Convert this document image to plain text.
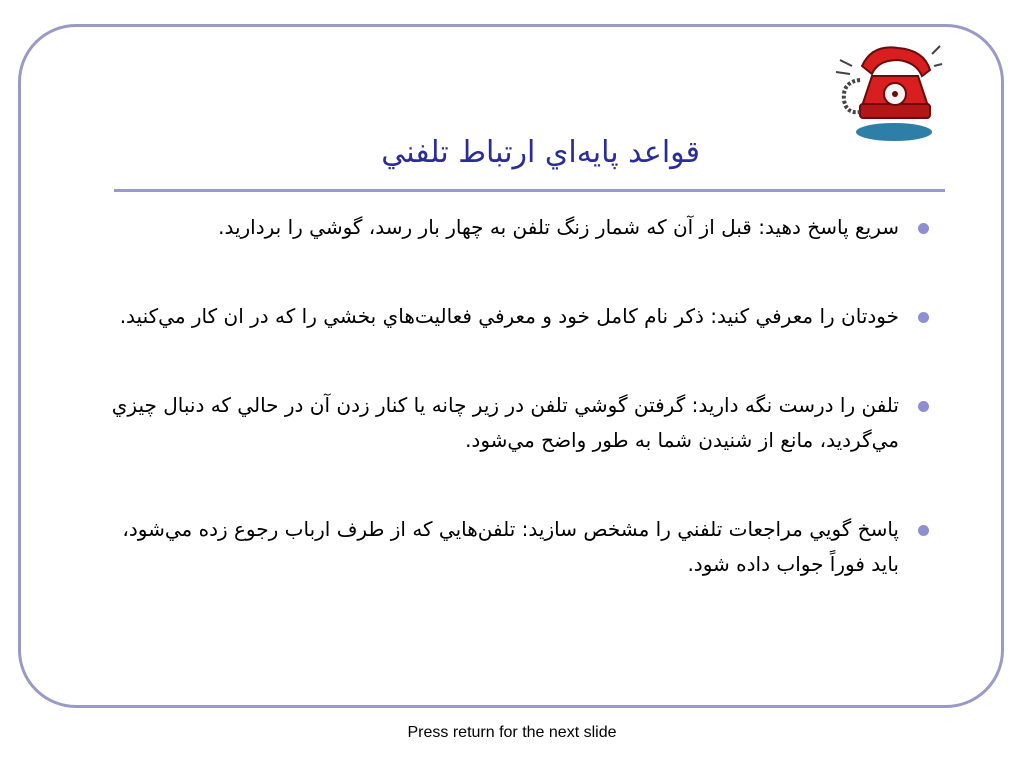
قواعد پايه‌اي ارتباط تلفني
سريع پاسخ دهيد: قبل از آن که شمار زنگ تلفن به چهار بار رسد، گوشي را برداريد.
خودتان را معرفي کنيد: ذکر نام کامل خود و معرفي فعاليت‌هاي بخشي را که در ان کار مي‌کنيد.
تلفن را درست نگه داريد: گرفتن گوشي تلفن در زير چانه يا کنار زدن آن در حالي که دنبال چيزي مي‌گرديد، مانع از شنيدن شما به طور واضح مي‌شود.
پاسخ گويي مراجعات تلفني را مشخص سازيد: تلفن‌هايي که از طرف ارباب رجوع زده مي‌شود، بايد فوراً جواب داده شود.
Press return for the next slide
